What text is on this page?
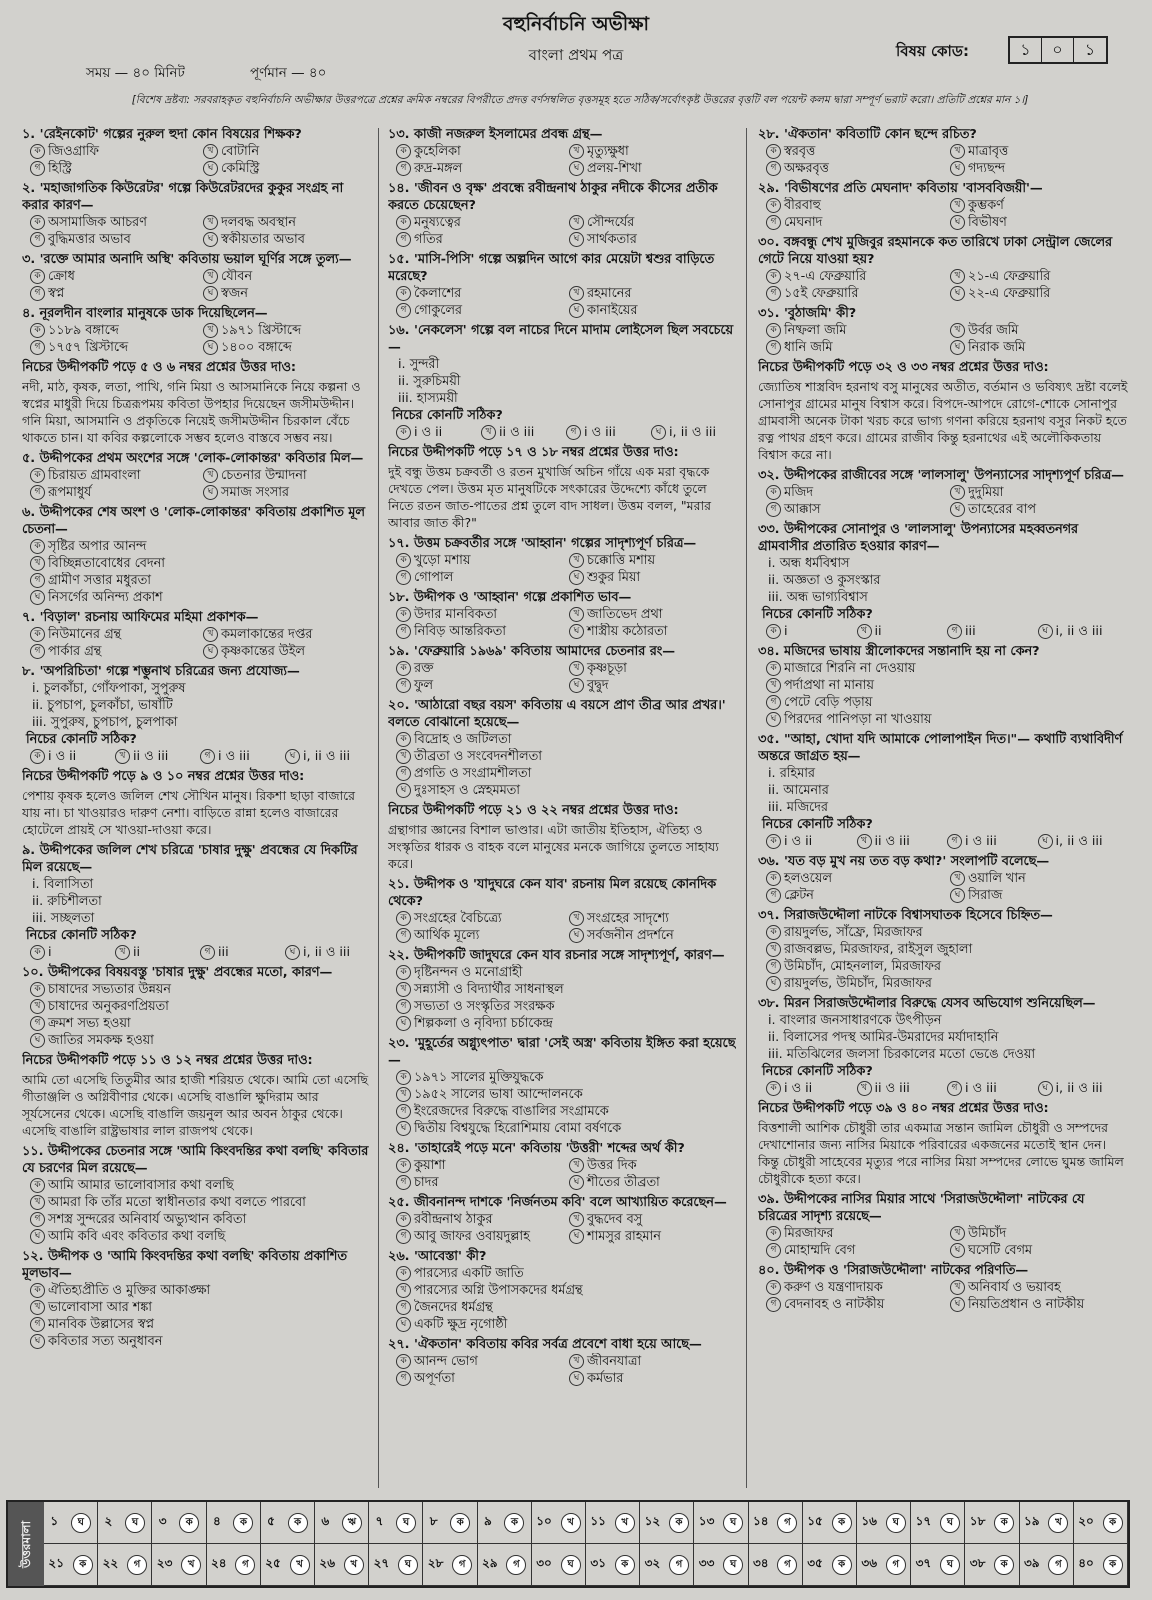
বহুনির্বাচনি অভীক্ষা
বাংলা প্রথম পত্র
সময় — ৪০ মিনিট	পূর্ণমান — ৪০
বিষয় কোড:	১	০	১
[বিশেষ দ্রষ্টব্য: সরবরাহকৃত বহুনির্বাচনি অভীক্ষার উত্তরপত্রে প্রশ্নের ক্রমিক নম্বরের বিপরীতে প্রদত্ত বর্ণসম্বলিত বৃত্তসমূহ হতে সঠিক/সর্বোৎকৃষ্ট উত্তরের বৃত্তটি বল পয়েন্ট কলম দ্বারা সম্পূর্ণ ভরাট করো। প্রতিটি প্রশ্নের মান ১।]
১. 'রেইনকোট' গল্পের নুরুল হুদা কোন বিষয়ের শিক্ষক?
ক জিওগ্রাফি	খ বোটানি
গ হিস্ট্রি	ঘ কেমিস্ট্রি
২. 'মহাজাগতিক কিউরেটর' গল্পে কিউরেটরদের কুকুর সংগ্রহ না করার কারণ—
ক অসামাজিক আচরণ	খ দলবদ্ধ অবস্থান
গ বুদ্ধিমত্তার অভাব	ঘ স্বকীয়তার অভাব
৩. 'রক্তে আমার অনাদি অস্থি' কবিতায় ভয়াল ঘূর্ণির সঙ্গে তুল্য—
ক ক্রোধ	খ যৌবন
গ স্বপ্ন	ঘ স্বজন
৪. নূরলদীন বাংলার মানুষকে ডাক দিয়েছিলেন—
ক ১১৮৯ বঙ্গাব্দে	খ ১৯৭১ খ্রিস্টাব্দে
গ ১৭৫৭ খ্রিস্টাব্দে	ঘ ১৪০০ বঙ্গাব্দে
নিচের উদ্দীপকটি পড়ে ৫ ও ৬ নম্বর প্রশ্নের উত্তর দাও:
নদী, মাঠ, কৃষক, লতা, পাখি, গনি মিয়া ও আসমানিকে নিয়ে কল্পনা ও স্বপ্নের মাধুরী দিয়ে চিত্ররূপময় কবিতা উপহার দিয়েছেন জসীমউদ্দীন। গনি মিয়া, আসমানি ও প্রকৃতিকে নিয়েই জসীমউদ্দীন চিরকাল বেঁচে থাকতে চান। যা কবির কল্পলোকে সম্ভব হলেও বাস্তবে সম্ভব নয়।
৫. উদ্দীপকের প্রথম অংশের সঙ্গে 'লোক-লোকান্তর' কবিতার মিল—
ক চিরায়ত গ্রামবাংলা	খ চেতনার উন্মাদনা
গ রূপমাধুর্য	ঘ সমাজ সংসার
৬. উদ্দীপকের শেষ অংশ ও 'লোক-লোকান্তর' কবিতায় প্রকাশিত মূল চেতনা—
ক সৃষ্টির অপার আনন্দ
খ বিচ্ছিন্নতাবোধের বেদনা
গ গ্রামীণ সত্তার মধুরতা
ঘ নিসর্গের অনিন্দ্য প্রকাশ
৭. 'বিড়াল' রচনায় আফিমের মহিমা প্রকাশক—
ক নিউমানের গ্রন্থ	খ কমলাকান্তের দপ্তর
গ পার্কার গ্রন্থ	ঘ কৃষ্ণকান্তের উইল
৮. 'অপরিচিতা' গল্পে শম্ভুনাথ চরিত্রের জন্য প্রযোজ্য—
i. চুলকাঁচা, গোঁফপাকা, সুপুরুষ
ii. চুপচাপ, চুলকাঁচা, ভাষাঁটি
iii. সুপুরুষ, চুপচাপ, চুলপাকা
নিচের কোনটি সঠিক?
ক i ও ii	খ ii ও iii	গ i ও iii	ঘ i, ii ও iii
নিচের উদ্দীপকটি পড়ে ৯ ও ১০ নম্বর প্রশ্নের উত্তর দাও:
পেশায় কৃষক হলেও জলিল শেখ সৌখিন মানুষ। রিকশা ছাড়া বাজারে যায় না। চা খাওয়ারও দারুণ নেশা। বাড়িতে রান্না হলেও বাজারের হোটেলে প্রায়ই সে খাওয়া-দাওয়া করে।
৯. উদ্দীপকের জলিল শেখ চরিত্রে 'চাষার দুক্ষু' প্রবন্ধের যে দিকটির মিল রয়েছে—
i. বিলাসিতা
ii. রুচিশীলতা
iii. সচ্ছলতা
নিচের কোনটি সঠিক?
ক i	খ ii	গ iii	ঘ i, ii ও iii
১০. উদ্দীপকের বিষয়বস্তু 'চাষার দুক্ষু' প্রবন্ধের মতো, কারণ—
ক চাষাদের সভ্যতার উন্নয়ন
খ চাষাদের অনুকরণপ্রিয়তা
গ ক্রমশ সভ্য হওয়া
ঘ জাতির সমকক্ষ হওয়া
নিচের উদ্দীপকটি পড়ে ১১ ও ১২ নম্বর প্রশ্নের উত্তর দাও:
আমি তো এসেছি তিতুমীর আর হাজী শরিয়ত থেকে। আমি তো এসেছি গীতাঞ্জলি ও অগ্নিবীণার থেকে। এসেছি বাঙালি ক্ষুদিরাম আর সূর্যসেনের থেকে। এসেছি বাঙালি জয়নুল আর অবন ঠাকুর থেকে। এসেছি বাঙালি রাষ্ট্রভাষার লাল রাজপথ থেকে।
১১. উদ্দীপকের চেতনার সঙ্গে 'আমি কিংবদন্তির কথা বলছি' কবিতার যে চরণের মিল রয়েছে—
ক আমি আমার ভালোবাসার কথা বলছি
খ আমরা কি তাঁর মতো স্বাধীনতার কথা বলতে পারবো
গ সশস্ত্র সুন্দরের অনিবার্য অভ্যুত্থান কবিতা
ঘ আমি কবি এবং কবিতার কথা বলছি
১২. উদ্দীপক ও 'আমি কিংবদন্তির কথা বলছি' কবিতায় প্রকাশিত মূলভাব—
ক ঐতিহ্যপ্রীতি ও মুক্তির আকাঙ্ক্ষা
খ ভালোবাসা আর শঙ্কা
গ মানবিক উল্লাসের স্বপ্ন
ঘ কবিতার সত্য অনুধাবন
১৩. কাজী নজরুল ইসলামের প্রবন্ধ গ্রন্থ—
ক কুহেলিকা	খ মৃত্যুক্ষুধা
গ রুদ্র-মঙ্গল	ঘ প্রলয়-শিখা
১৪. 'জীবন ও বৃক্ষ' প্রবন্ধে রবীন্দ্রনাথ ঠাকুর নদীকে কীসের প্রতীক করতে চেয়েছেন?
ক মনুষ্যত্বের	খ সৌন্দর্যের
গ গতির	ঘ সার্থকতার
১৫. 'মাসি-পিসি' গল্পে অল্পদিন আগে কার মেয়েটা শ্বশুর বাড়িতে মরেছে?
ক কৈলাশের	খ রহমানের
গ গোকুলের	ঘ কানাইয়ের
১৬. 'নেকলেস' গল্পে বল নাচের দিনে মাদাম লোইসেল ছিল সবচেয়ে—
i. সুন্দরী
ii. সুরুচিময়ী
iii. হাস্যময়ী
নিচের কোনটি সঠিক?
ক i ও ii	খ ii ও iii	গ i ও iii	ঘ i, ii ও iii
নিচের উদ্দীপকটি পড়ে ১৭ ও ১৮ নম্বর প্রশ্নের উত্তর দাও:
দুই বন্ধু উত্তম চক্রবর্তী ও রতন মুখার্জি অচিন গাঁয়ে এক মরা বৃদ্ধকে দেখতে পেল। উত্তম মৃত মানুষটিকে সৎকারের উদ্দেশ্যে কাঁধে তুলে নিতে রতন জাত-পাতের প্রশ্ন তুলে বাদ সাধল। উত্তম বলল, "মরার আবার জাত কী?"
১৭. উত্তম চক্রবর্তীর সঙ্গে 'আহ্বান' গল্পের সাদৃশ্যপূর্ণ চরিত্র—
ক খুড়ো মশায়	খ চক্কোত্তি মশায়
গ গোপাল	ঘ শুকুর মিয়া
১৮. উদ্দীপক ও 'আহ্বান' গল্পে প্রকাশিত ভাব—
ক উদার মানবিকতা	খ জাতিভেদ প্রথা
গ নিবিড় আন্তরিকতা	ঘ শাস্ত্রীয় কঠোরতা
১৯. 'ফেব্রুয়ারি ১৯৬৯' কবিতায় আমাদের চেতনার রং—
ক রক্ত	খ কৃষ্ণচূড়া
গ ফুল	ঘ বুদ্বুদ
২০. 'আঠারো বছর বয়স' কবিতায় এ বয়সে প্রাণ তীব্র আর প্রখর।' বলতে বোঝানো হয়েছে—
ক বিদ্রোহ ও জটিলতা
খ তীব্রতা ও সংবেদনশীলতা
গ প্রগতি ও সংগ্রামশীলতা
ঘ দুঃসাহস ও স্নেহমমতা
নিচের উদ্দীপকটি পড়ে ২১ ও ২২ নম্বর প্রশ্নের উত্তর দাও:
গ্রন্থাগার জ্ঞানের বিশাল ভাণ্ডার। এটা জাতীয় ইতিহাস, ঐতিহ্য ও সংস্কৃতির ধারক ও বাহক বলে মানুষের মনকে জাগিয়ে তুলতে সাহায্য করে।
২১. উদ্দীপক ও 'যাদুঘরে কেন যাব' রচনায় মিল রয়েছে কোনদিক থেকে?
ক সংগ্রহের বৈচিত্র্যে	খ সংগ্রহের সাদৃশ্যে
গ আর্থিক মূল্যে	ঘ সর্বজনীন প্রদর্শনে
২২. উদ্দীপকটি জাদুঘরে কেন যাব রচনার সঙ্গে সাদৃশ্যপূর্ণ, কারণ—
ক দৃষ্টিনন্দন ও মনোগ্রাহী
খ সন্ন্যাসী ও বিদ্যার্থীর সাধনাস্থল
গ সভ্যতা ও সংস্কৃতির সংরক্ষক
ঘ শিল্পকলা ও নৃবিদ্যা চর্চাকেন্দ্র
২৩. 'মুহূর্তের অগ্ন্যুৎপাত' দ্বারা 'সেই অস্ত্র' কবিতায় ইঙ্গিত করা হয়েছে—
ক ১৯৭১ সালের মুক্তিযুদ্ধকে
খ ১৯৫২ সালের ভাষা আন্দোলনকে
গ ইংরেজদের বিরুদ্ধে বাঙালির সংগ্রামকে
ঘ দ্বিতীয় বিশ্বযুদ্ধে হিরোশিমায় বোমা বর্ষণকে
২৪. 'তাহারেই পড়ে মনে' কবিতায় 'উত্তরী' শব্দের অর্থ কী?
ক কুয়াশা	খ উত্তর দিক
গ চাদর	ঘ শীতের তীব্রতা
২৫. জীবনানন্দ দাশকে 'নির্জনতম কবি' বলে আখ্যায়িত করেছেন—
ক রবীন্দ্রনাথ ঠাকুর	খ বুদ্ধদেব বসু
গ আবু জাফর ওবায়দুল্লাহ	ঘ শামসুর রাহমান
২৬. 'আবেস্তা' কী?
ক পারস্যের একটি জাতি
খ পারস্যের অগ্নি উপাসকদের ধর্মগ্রন্থ
গ জৈনদের ধর্মগ্রন্থ
ঘ একটি ক্ষুদ্র নৃগোষ্ঠী
২৭. 'ঐকতান' কবিতায় কবির সর্বত্র প্রবেশে বাধা হয়ে আছে—
ক আনন্দ ভোগ	খ জীবনযাত্রা
গ অপূর্ণতা	ঘ কর্মভার
২৮. 'ঐকতান' কবিতাটি কোন ছন্দে রচিত?
ক স্বরবৃত্ত	খ মাত্রাবৃত্ত
গ অক্ষরবৃত্ত	ঘ গদ্যছন্দ
২৯. 'বিভীষণের প্রতি মেঘনাদ' কবিতায় 'বাসববিজয়ী'—
ক বীরবাহু	খ কুম্ভকর্ণ
গ মেঘনাদ	ঘ বিভীষণ
৩০. বঙ্গবন্ধু শেখ মুজিবুর রহমানকে কত তারিখে ঢাকা সেন্ট্রাল জেলের গেটে নিয়ে যাওয়া হয়?
ক ২৭-এ ফেব্রুয়ারি	খ ২১-এ ফেব্রুয়ারি
গ ১৫ই ফেব্রুয়ারি	ঘ ২২-এ ফেব্রুয়ারি
৩১. 'বুঠাজমি' কী?
ক নিষ্ফলা জমি	খ উর্বর জমি
গ ধানি জমি	ঘ নিরাক জমি
নিচের উদ্দীপকটি পড়ে ৩২ ও ৩৩ নম্বর প্রশ্নের উত্তর দাও:
জ্যোতিষ শাস্ত্রবিদ হরনাথ বসু মানুষের অতীত, বর্তমান ও ভবিষ্যৎ দ্রষ্টা বলেই সোনাপুর গ্রামের মানুষ বিশ্বাস করে। বিপদে-আপদে রোগে-শোকে সোনাপুর গ্রামবাসী অনেক টাকা খরচ করে ভাগ্য গণনা করিয়ে হরনাথ বসুর নিকট হতে রত্ন পাথর গ্রহণ করে। গ্রামের রাজীব কিন্তু হরনাথের এই অলৌকিকতায় বিশ্বাস করে না।
৩২. উদ্দীপকের রাজীবের সঙ্গে 'লালসালু' উপন্যাসের সাদৃশ্যপূর্ণ চরিত্র—
ক মজিদ	খ দুদুমিয়া
গ আক্কাস	ঘ তাহেরের বাপ
৩৩. উদ্দীপকের সোনাপুর ও 'লালসালু' উপন্যাসের মহব্বতনগর গ্রামবাসীর প্রতারিত হওয়ার কারণ—
i. অন্ধ ধর্মবিশ্বাস
ii. অজ্ঞতা ও কুসংস্কার
iii. অন্ধ ভাগ্যবিশ্বাস
নিচের কোনটি সঠিক?
ক i	খ ii	গ iii	ঘ i, ii ও iii
৩৪. মজিদের ভাষায় স্ত্রীলোকদের সন্তানাদি হয় না কেন?
ক মাজারে শিরনি না দেওয়ায়
খ পর্দাপ্রথা না মানায়
গ পেটে বেড়ি পড়ায়
ঘ পিরদের পানিপড়া না খাওয়ায়
৩৫. "আহা, খোদা যদি আমাকে পোলাপাইন দিত।"— কথাটি ব্যথাবিদীর্ণ অন্তরে জাগ্রত হয়—
i. রহিমার
ii. আমেনার
iii. মজিদের
নিচের কোনটি সঠিক?
ক i ও ii	খ ii ও iii	গ i ও iii	ঘ i, ii ও iii
৩৬. 'যত বড় মুখ নয় তত বড় কথা?' সংলাপটি বলেছে—
ক হলওয়েল	খ ওয়ালি খান
গ ক্লেটন	ঘ সিরাজ
৩৭. সিরাজউদ্দৌলা নাটকে বিশ্বাসঘাতক হিসেবে চিহ্নিত—
ক রায়দুর্লভ, সাঁফ্রে, মিরজাফর
খ রাজবল্লভ, মিরজাফর, রাইসুল জুহালা
গ উমিচাঁদ, মোহনলাল, মিরজাফর
ঘ রায়দুর্লভ, উমিচাঁদ, মিরজাফর
৩৮. মিরন সিরাজউদ্দৌলার বিরুদ্ধে যেসব অভিযোগ শুনিয়েছিল—
i. বাংলার জনসাধারণকে উৎপীড়ন
ii. বিলাসের পদস্থ আমির-উমরাদের মর্যাদাহানি
iii. মতিঝিলের জলসা চিরকালের মতো ভেঙে দেওয়া
নিচের কোনটি সঠিক?
ক i ও ii	খ ii ও iii	গ i ও iii	ঘ i, ii ও iii
নিচের উদ্দীপকটি পড়ে ৩৯ ও ৪০ নম্বর প্রশ্নের উত্তর দাও:
বিত্তশালী আশিক চৌধুরী তার একমাত্র সন্তান জামিল চৌধুরী ও সম্পদের দেখাশোনার জন্য নাসির মিয়াকে পরিবারের একজনের মতোই স্থান দেন। কিন্তু চৌধুরী সাহেবের মৃত্যুর পরে নাসির মিয়া সম্পদের লোভে ঘুমন্ত জামিল চৌধুরীকে হত্যা করে।
৩৯. উদ্দীপকের নাসির মিয়ার সাথে 'সিরাজউদ্দৌলা' নাটকের যে চরিত্রের সাদৃশ্য রয়েছে—
ক মিরজাফর	খ উমিচাঁদ
গ মোহাম্মদি বেগ	ঘ ঘসেটি বেগম
৪০. উদ্দীপক ও 'সিরাজউদ্দৌলা' নাটকের পরিণতি—
ক করুণ ও যন্ত্রণাদায়ক	খ অনিবার্য ও ভয়াবহ
গ বেদনাবহ ও নাটকীয়	ঘ নিয়তিপ্রধান ও নাটকীয়
উত্তরমালা	১	ঘ	২	ঘ	৩	ক	৪	ক	৫	ক	৬	ঋ	৭	ঘ	৮	ক	৯	ক	১০	খ	১১	খ	১২	ক	১৩	ঘ	১৪	গ	১৫	ক	১৬	ঘ	১৭	ঘ	১৮	ক	১৯	খ	২০	ক
২১	ক	২২	গ	২৩	খ	২৪	গ	২৫	খ	২৬	খ	২৭	ঘ	২৮	গ	২৯	গ	৩০	ঘ	৩১	ক	৩২	গ	৩৩	ঘ	৩৪	গ	৩৫	ক	৩৬	গ	৩৭	ঘ	৩৮	ক	৩৯	গ	৪০	ক
